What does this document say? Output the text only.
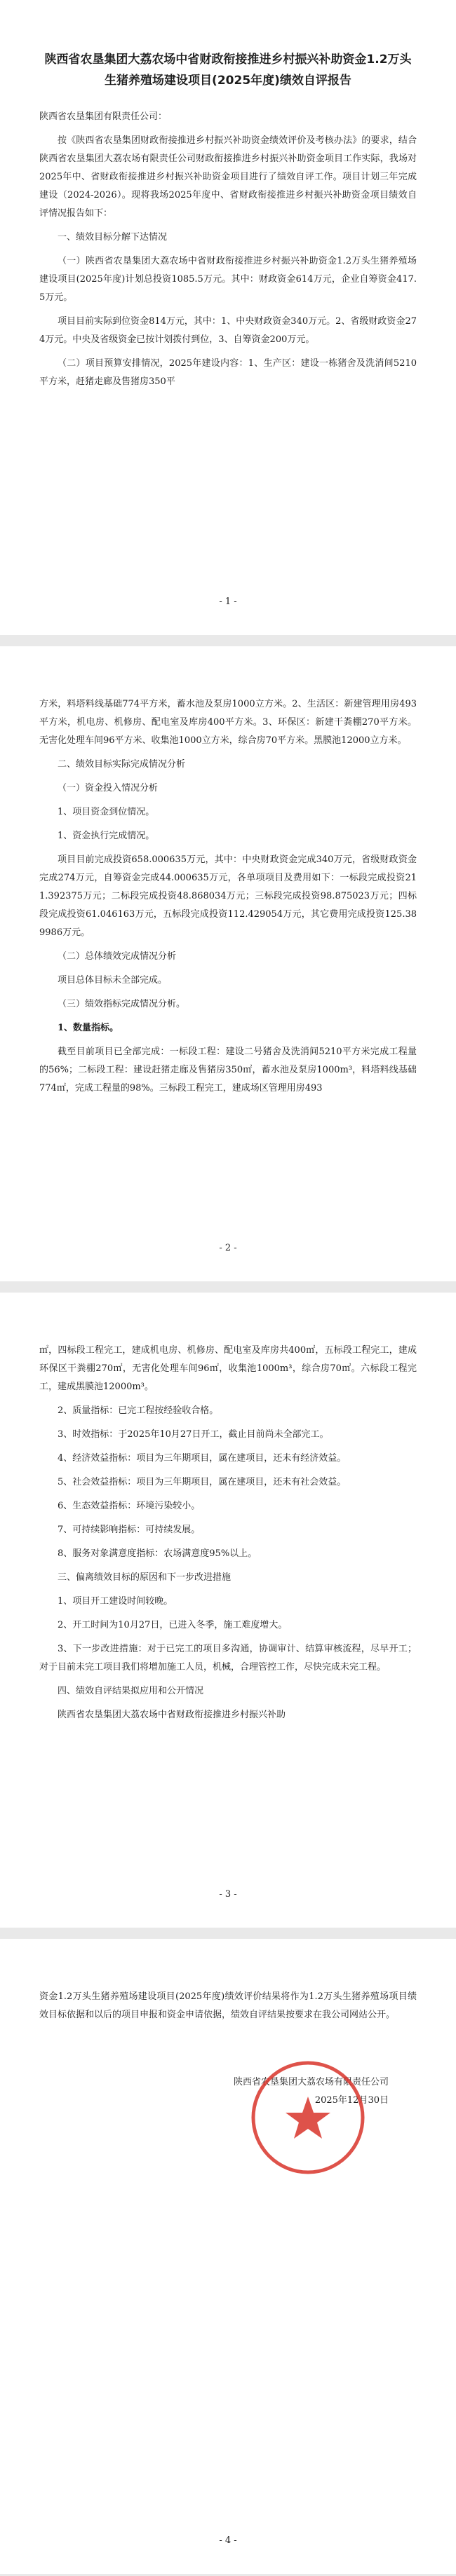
陕西省农垦集团大荔农场中省财政衔接推进乡村振兴补助资金1.2万头生猪养殖场建设项目(2025年度)绩效自评报告
陕西省农垦集团有限责任公司：
按《陕西省农垦集团财政衔接推进乡村振兴补助资金绩效评价及考核办法》的要求，结合陕西省农垦集团大荔农场有限责任公司财政衔接推进乡村振兴补助资金项目工作实际，我场对2025年中、省财政衔接推进乡村振兴补助资金项目进行了绩效自评工作。项目计划三年完成建设（2024-2026）。现将我场2025年度中、省财政衔接推进乡村振兴补助资金项目绩效自评情况报告如下：
一、绩效目标分解下达情况
（一）陕西省农垦集团大荔农场中省财政衔接推进乡村振兴补助资金1.2万头生猪养殖场建设项目(2025年度)计划总投资1085.5万元。其中：财政资金614万元，企业自筹资金417.5万元。
项目目前实际到位资金814万元，其中：1、中央财政资金340万元。2、省级财政资金274万元。中央及省级资金已按计划拨付到位，3、自筹资金200万元。
（二）项目预算安排情况，2025年建设内容：1、生产区：建设一栋猪舍及洗消间5210平方米，赶猪走廊及售猪房350平
- 1 -
方米，料塔料线基础774平方米，蓄水池及泵房1000立方米。2、生活区：新建管理用房493平方米，机电房、机修房、配电室及库房400平方米。3、环保区：新建干粪棚270平方米。无害化处理车间96平方米、收集池1000立方米，综合房70平方米。黑膜池12000立方米。
二、绩效目标实际完成情况分析
（一）资金投入情况分析
1、项目资金到位情况。
1、资金执行完成情况。
项目目前完成投资658.000635万元，其中：中央财政资金完成340万元，省级财政资金完成274万元，自筹资金完成44.000635万元，各单项项目及费用如下：一标段完成投资211.392375万元；二标段完成投资48.868034万元；三标段完成投资98.875023万元；四标段完成投资61.046163万元，五标段完成投资112.429054万元，其它费用完成投资125.389986万元。
（二）总体绩效完成情况分析
项目总体目标未全部完成。
（三）绩效指标完成情况分析。
1、数量指标。
截至目前项目已全部完成：一标段工程：建设二号猪舍及洗消间5210平方米完成工程量的56%；二标段工程：建设赶猪走廊及售猪房350㎡，蓄水池及泵房1000m³，料塔料线基础774㎡，完成工程量的98%。三标段工程完工，建成场区管理用房493
- 2 -
㎡，四标段工程完工，建成机电房、机修房、配电室及库房共400㎡，五标段工程完工，建成环保区干粪棚270㎡，无害化处理车间96㎡，收集池1000m³，综合房70㎡。六标段工程完工，建成黑膜池12000m³。
2、质量指标：已完工程按经验收合格。
3、时效指标：于2025年10月27日开工，截止目前尚未全部完工。
4、经济效益指标：项目为三年期项目，属在建项目，还未有经济效益。
5、社会效益指标：项目为三年期项目，属在建项目，还未有社会效益。
6、生态效益指标：环境污染较小。
7、可持续影响指标：可持续发展。
8、服务对象满意度指标：农场满意度95%以上。
三、偏离绩效目标的原因和下一步改进措施
1、项目开工建设时间较晚。
2、开工时间为10月27日，已进入冬季，施工难度增大。
3、下一步改进措施：对于已完工的项目多沟通，协调审计、结算审核流程，尽早开工；对于目前未完工项目我们将增加施工人员，机械，合理管控工作，尽快完成未完工程。
四、绩效自评结果拟应用和公开情况
陕西省农垦集团大荔农场中省财政衔接推进乡村振兴补助
- 3 -
资金1.2万头生猪养殖场建设项目(2025年度)绩效评价结果将作为1.2万头生猪养殖场项目绩效目标依据和以后的项目申报和资金申请依据，绩效自评结果按要求在我公司网站公开。
陕西省农垦集团大荔农场有限责任公司
2025年12月30日
- 4 -
